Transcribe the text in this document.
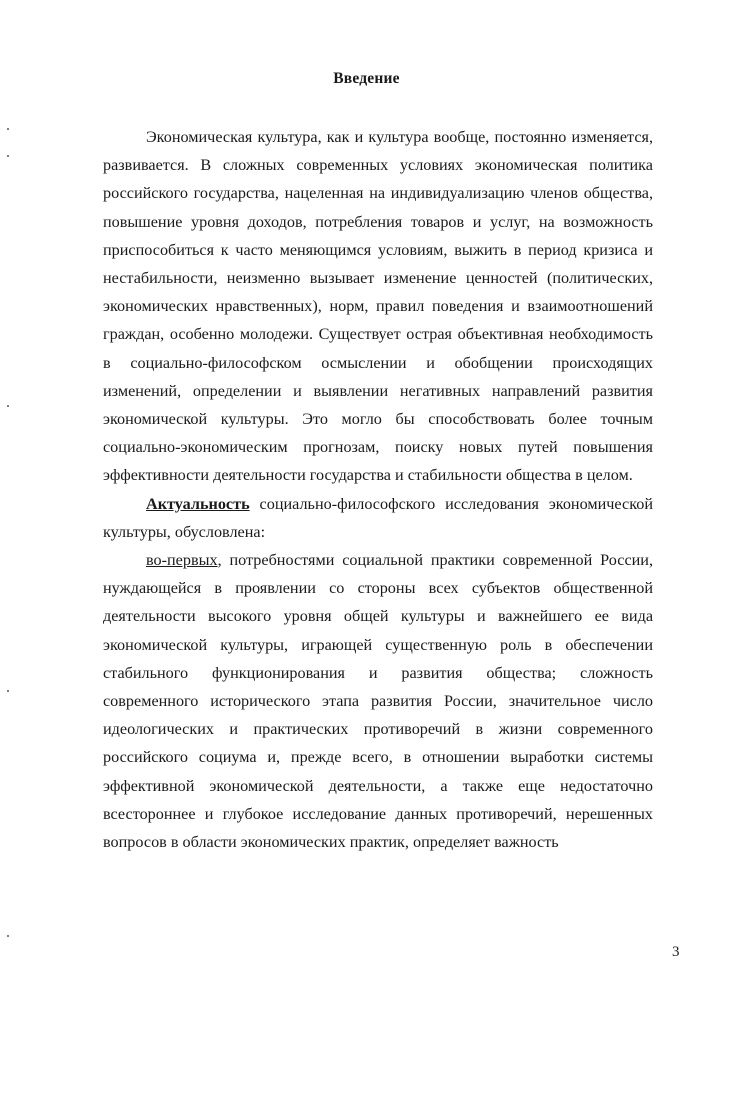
Введение

Экономическая культура, как и культура вообще, постоянно изменяется, развивается. В сложных современных условиях экономическая политика российского государства, нацеленная на индивидуализацию членов общества, повышение уровня доходов, потребления товаров и услуг, на возможность приспособиться к часто меняющимся условиям, выжить в период кризиса и нестабильности, неизменно вызывает изменение ценностей (политических, экономических нравственных), норм, правил поведения и взаимоотношений граждан, особенно молодежи. Существует острая объективная необходимость в социально-философском осмыслении и обобщении происходящих изменений, определении и выявлении негативных направлений развития экономической культуры. Это могло бы способствовать более точным социально-экономическим прогнозам, поиску новых путей повышения эффективности деятельности государства и стабильности общества в целом.

Актуальность социально-философского исследования экономической культуры, обусловлена:

во-первых, потребностями социальной практики современной России, нуждающейся в проявлении со стороны всех субъектов общественной деятельности высокого уровня общей культуры и важнейшего ее вида экономической культуры, играющей существенную роль в обеспечении стабильного функционирования и развития общества; сложность современного исторического этапа развития России, значительное число идеологических и практических противоречий в жизни современного российского социума и, прежде всего, в отношении выработки системы эффективной экономической деятельности, а также еще недостаточно всестороннее и глубокое исследование данных противоречий, нерешенных вопросов в области экономических практик, определяет важность

3
